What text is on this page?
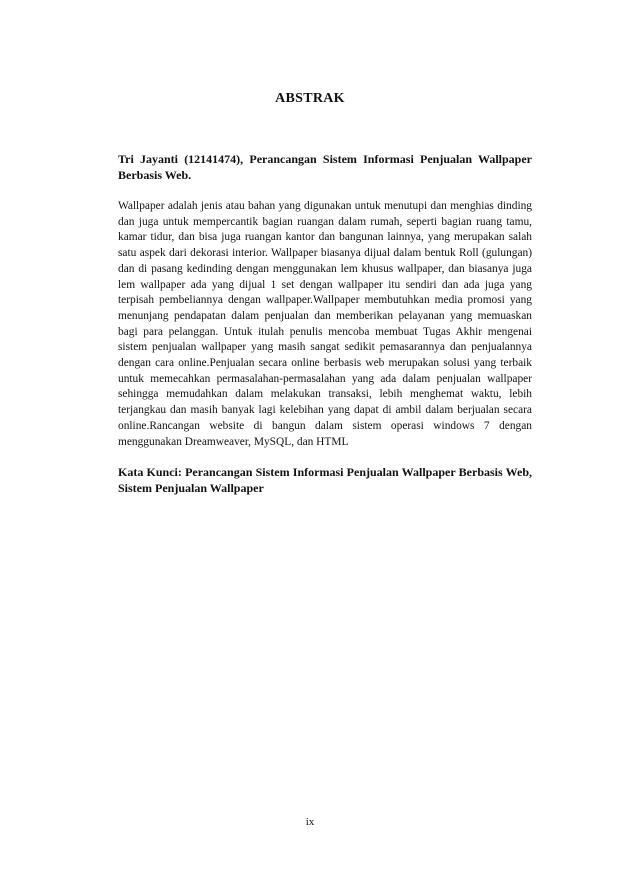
ABSTRAK

Tri Jayanti (12141474), Perancangan Sistem Informasi Penjualan Wallpaper Berbasis Web.

Wallpaper adalah jenis atau bahan yang digunakan untuk menutupi dan menghias dinding dan juga untuk mempercantik bagian ruangan dalam rumah, seperti bagian ruang tamu, kamar tidur, dan bisa juga ruangan kantor dan bangunan lainnya, yang merupakan salah satu aspek dari dekorasi interior. Wallpaper biasanya dijual dalam bentuk Roll (gulungan) dan di pasang kedinding dengan menggunakan lem khusus wallpaper, dan biasanya juga lem wallpaper ada yang dijual 1 set dengan wallpaper itu sendiri dan ada juga yang terpisah pembeliannya dengan wallpaper.Wallpaper membutuhkan media promosi yang menunjang pendapatan dalam penjualan dan memberikan pelayanan yang memuaskan bagi para pelanggan. Untuk itulah penulis mencoba membuat Tugas Akhir mengenai sistem penjualan wallpaper yang masih sangat sedikit pemasarannya dan penjualannya dengan cara online.Penjualan secara online berbasis web merupakan solusi yang terbaik untuk memecahkan permasalahan-permasalahan yang ada dalam penjualan wallpaper sehingga memudahkan dalam melakukan transaksi, lebih menghemat waktu, lebih terjangkau dan masih banyak lagi kelebihan yang dapat di ambil dalam berjualan secara online.Rancangan website di bangun dalam sistem operasi windows 7 dengan menggunakan Dreamweaver, MySQL, dan HTML

Kata Kunci: Perancangan Sistem Informasi Penjualan Wallpaper Berbasis Web, Sistem Penjualan Wallpaper

ix
